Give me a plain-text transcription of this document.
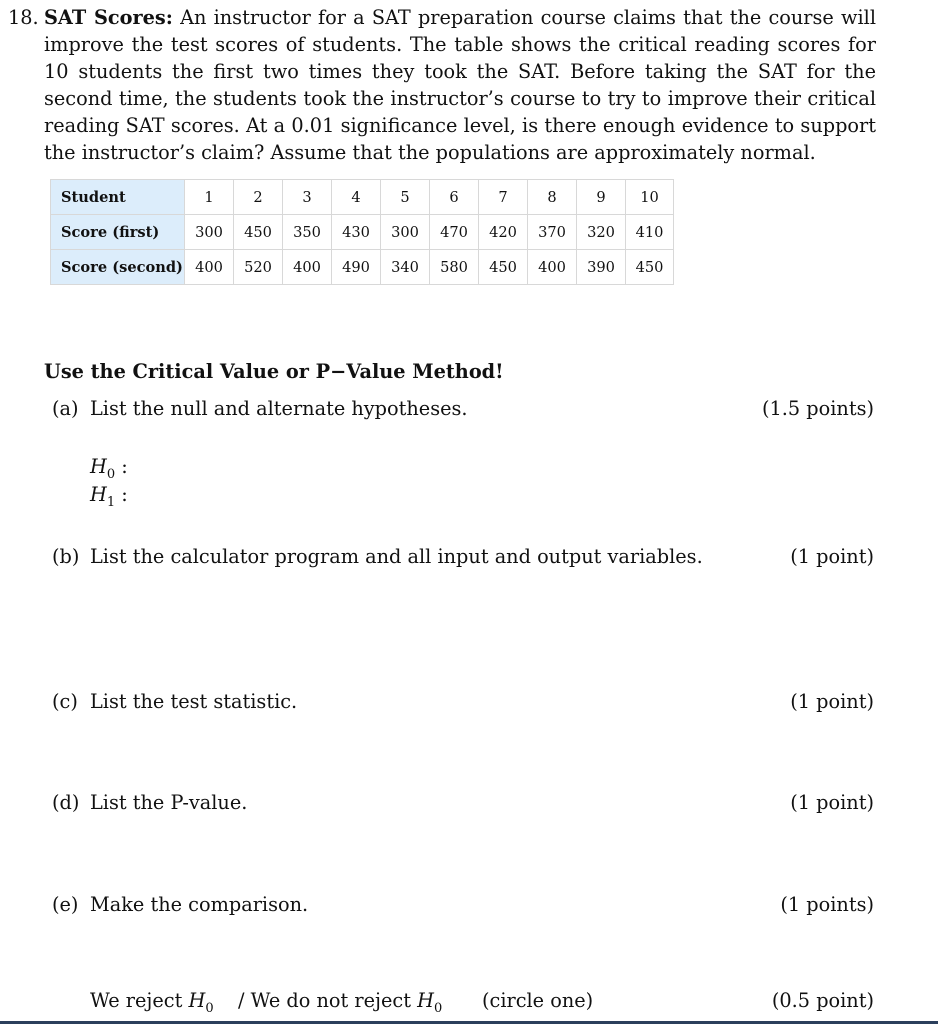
18. SAT Scores: An instructor for a SAT preparation course claims that the course will improve the test scores of students. The table shows the critical reading scores for 10 students the first two times they took the SAT. Before taking the SAT for the second time, the students took the instructor’s course to try to improve their critical reading SAT scores. At a 0.01 significance level, is there enough evidence to support the instructor’s claim? Assume that the populations are approximately normal.
Student	1	2	3	4	5	6	7	8	9	10
Score (first)	300	450	350	430	300	470	420	370	320	410
Score (second)	400	520	400	490	340	580	450	400	390	450
Use the Critical Value or P−Value Method!
(a) List the null and alternate hypotheses.	(1.5 points)
$H_0$ :
$H_1$ :
(b) List the calculator program and all input and output variables.	(1 point)
(c) List the test statistic.	(1 point)
(d) List the P-value.	(1 point)
(e) Make the comparison.	(1 points)
We reject $H_0$ / We do not reject $H_0$ (circle one)	(0.5 point)
